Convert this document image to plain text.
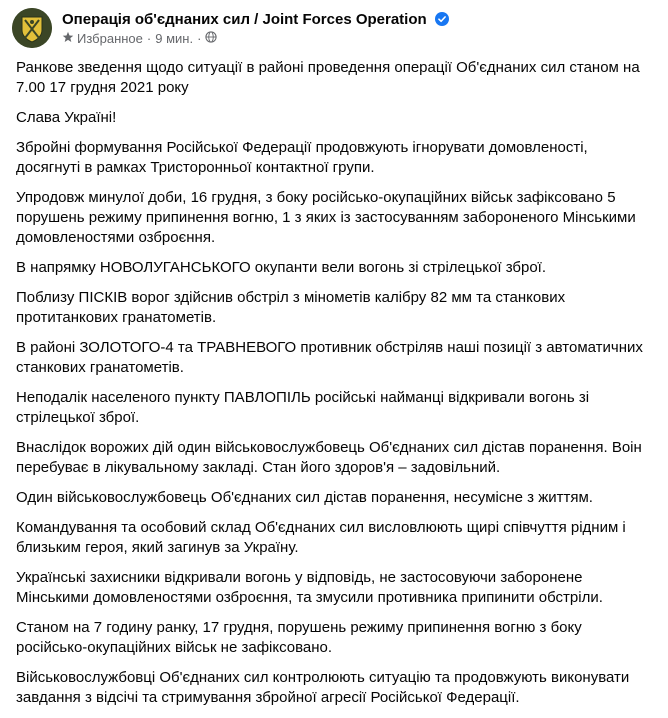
Операція об'єднаних сил / Joint Forces Operation
Избранное · 9 мин. ·

Ранкове зведення щодо ситуації в районі проведення операції Об'єднаних сил станом на 7.00 17 грудня 2021 року

Слава Україні!

Збройні формування Російської Федерації продовжують ігнорувати домовленості, досягнуті в рамках Тристоронньої контактної групи.

Упродовж минулої доби, 16 грудня, з боку російсько-окупаційних військ зафіксовано 5 порушень режиму припинення вогню, 1 з яких із застосуванням забороненого Мінськими домовленостями озброєння.

В напрямку НОВОЛУГАНСЬКОГО окупанти вели вогонь зі стрілецької зброї.

Поблизу ПІСКІВ ворог здійснив обстріл з мінометів калібру 82 мм та станкових протитанкових гранатометів.

В районі ЗОЛОТОГО-4 та ТРАВНЕВОГО противник обстріляв наші позиції з автоматичних станкових гранатометів.

Неподалік населеного пункту ПАВЛОПІЛЬ російські найманці відкривали вогонь зі стрілецької зброї.

Внаслідок ворожих дій один військовослужбовець Об'єднаних сил дістав поранення. Воін перебуває в лікувальному закладі. Стан його здоров'я – задовільний.

Один військовослужбовець Об'єднаних сил дістав поранення, несумісне з життям.

Командування та особовий склад Об'єднаних сил висловлюють щирі співчуття рідним і близьким героя, який загинув за Україну.

Українські захисники відкривали вогонь у відповідь, не застосовуючи заборонене Мінськими домовленостями озброєння, та змусили противника припинити обстріли.

Станом на 7 годину ранку, 17 грудня, порушень режиму припинення вогню з боку російсько-окупаційних військ не зафіксовано.

Військовослужбовці Об'єднаних сил контролюють ситуацію та продовжують виконувати завдання з відсічі та стримування збройної агресії Російської Федерації.
